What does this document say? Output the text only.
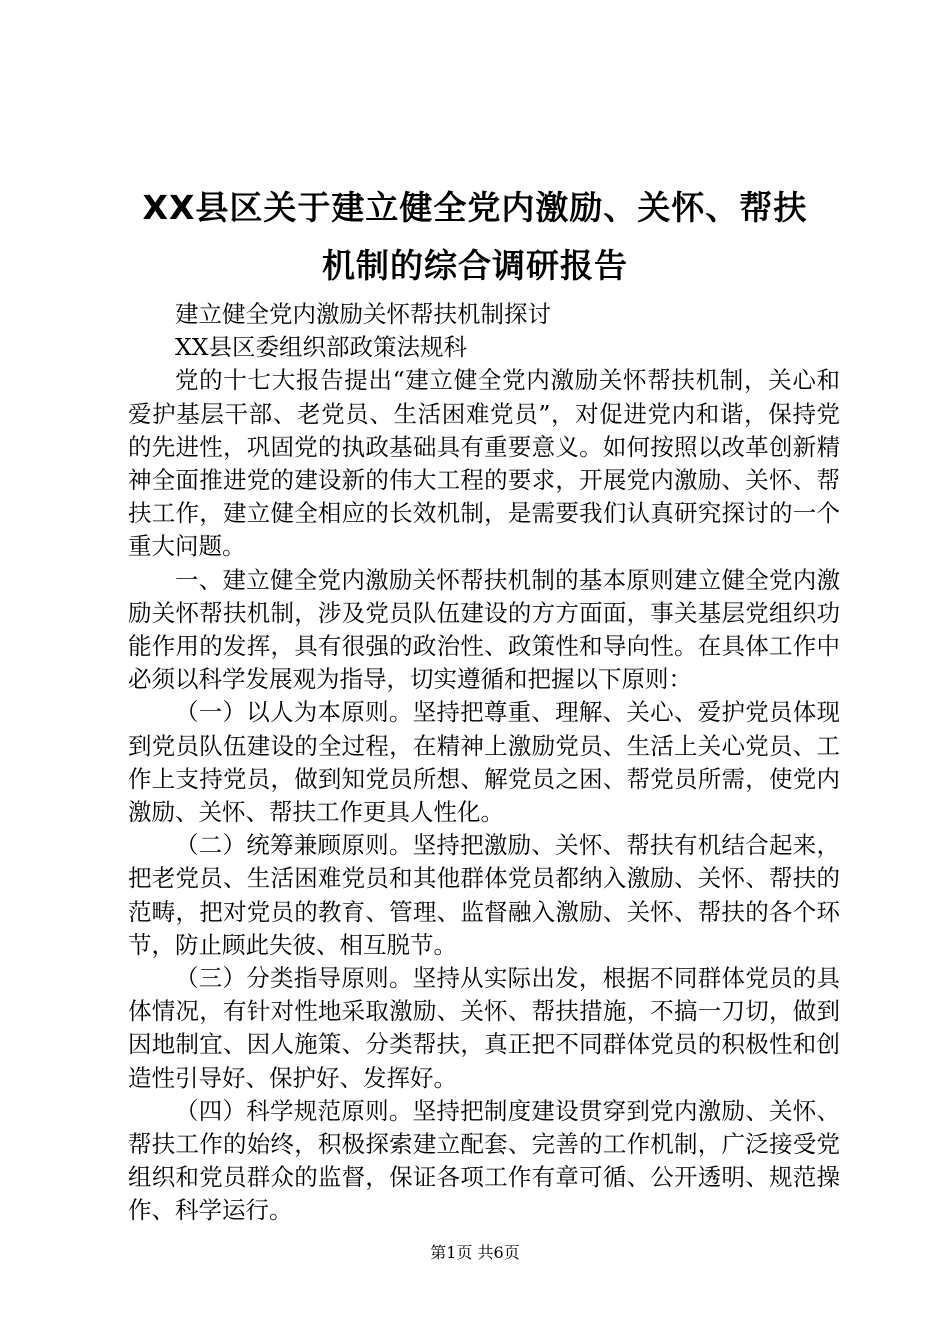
XX县区关于建立健全党内激励、关怀、帮扶
机制的综合调研报告

建立健全党内激励关怀帮扶机制探讨

XX县区委组织部政策法规科

党的十七大报告提出“建立健全党内激励关怀帮扶机制，关心和爱护基层干部、老党员、生活困难党员”，对促进党内和谐，保持党的先进性，巩固党的执政基础具有重要意义。如何按照以改革创新精神全面推进党的建设新的伟大工程的要求，开展党内激励、关怀、帮扶工作，建立健全相应的长效机制，是需要我们认真研究探讨的一个重大问题。

一、建立健全党内激励关怀帮扶机制的基本原则建立健全党内激励关怀帮扶机制，涉及党员队伍建设的方方面面，事关基层党组织功能作用的发挥，具有很强的政治性、政策性和导向性。在具体工作中必须以科学发展观为指导，切实遵循和把握以下原则：

（一）以人为本原则。坚持把尊重、理解、关心、爱护党员体现到党员队伍建设的全过程，在精神上激励党员、生活上关心党员、工作上支持党员，做到知党员所想、解党员之困、帮党员所需，使党内激励、关怀、帮扶工作更具人性化。

（二）统筹兼顾原则。坚持把激励、关怀、帮扶有机结合起来，把老党员、生活困难党员和其他群体党员都纳入激励、关怀、帮扶的范畴，把对党员的教育、管理、监督融入激励、关怀、帮扶的各个环节，防止顾此失彼、相互脱节。

（三）分类指导原则。坚持从实际出发，根据不同群体党员的具体情况，有针对性地采取激励、关怀、帮扶措施，不搞一刀切，做到因地制宜、因人施策、分类帮扶，真正把不同群体党员的积极性和创造性引导好、保护好、发挥好。

（四）科学规范原则。坚持把制度建设贯穿到党内激励、关怀、帮扶工作的始终，积极探索建立配套、完善的工作机制，广泛接受党组织和党员群众的监督，保证各项工作有章可循、公开透明、规范操作、科学运行。

第1页 共6页
